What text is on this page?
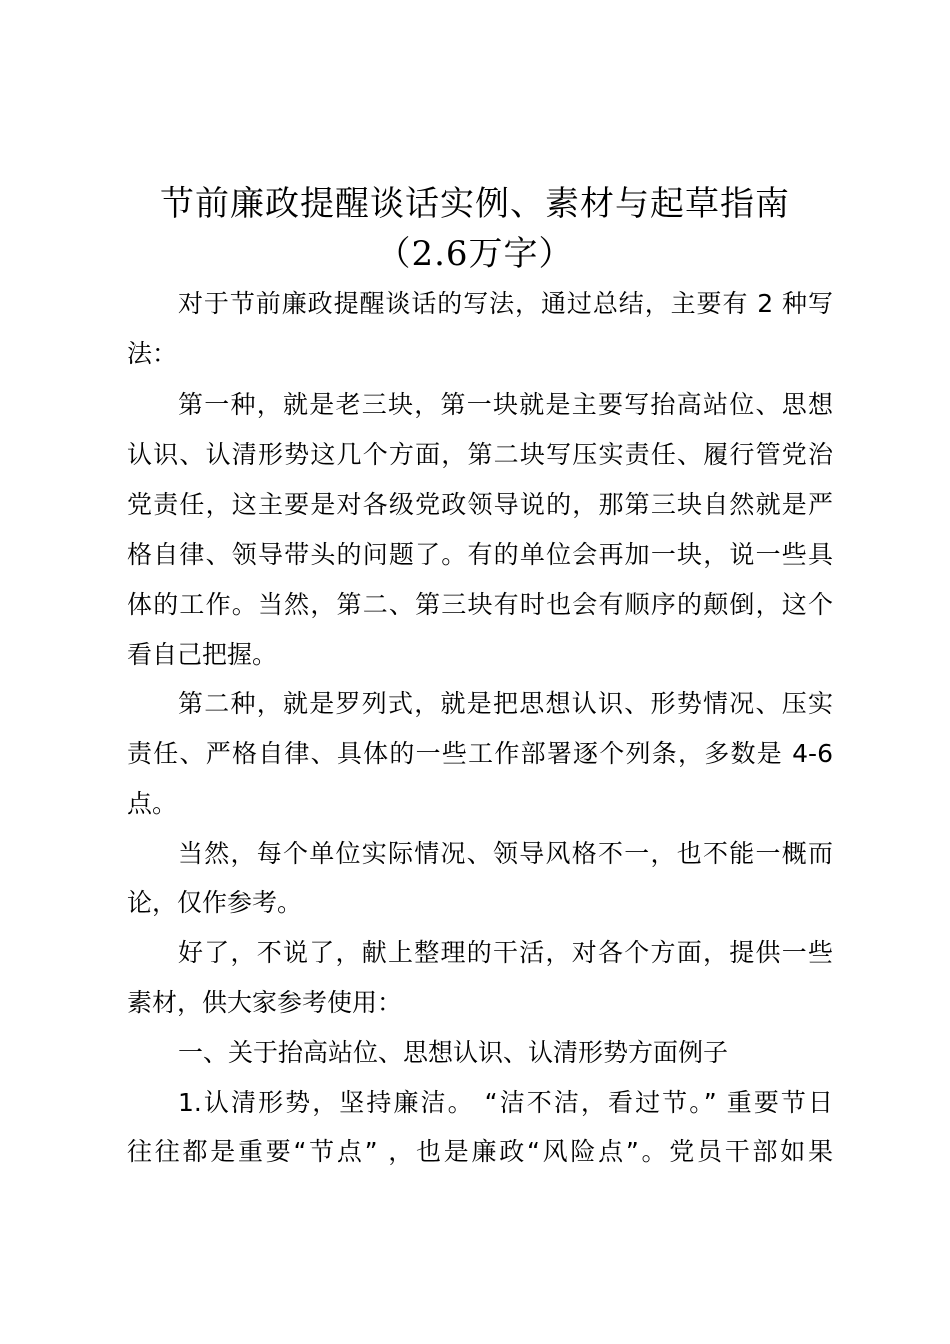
节前廉政提醒谈话实例、素材与起草指南
（2.6万字）
对于节前廉政提醒谈话的写法，通过总结，主要有 2 种写
法：
第一种，就是老三块，第一块就是主要写抬高站位、思想
认识、认清形势这几个方面，第二块写压实责任、履行管党治
党责任，这主要是对各级党政领导说的，那第三块自然就是严
格自律、领导带头的问题了。有的单位会再加一块，说一些具
体的工作。当然，第二、第三块有时也会有顺序的颠倒，这个
看自己把握。
第二种，就是罗列式，就是把思想认识、形势情况、压实
责任、严格自律、具体的一些工作部署逐个列条，多数是 4-6
点。
当然，每个单位实际情况、领导风格不一，也不能一概而
论，仅作参考。
好了，不说了，献上整理的干活，对各个方面，提供一些
素材，供大家参考使用：
一、关于抬高站位、思想认识、认清形势方面例子
1.认清形势，坚持廉洁。 “洁不洁，看过节。” 重要节日
往往都是重要“节点” ，也是廉政“风险点”。党员干部如果
